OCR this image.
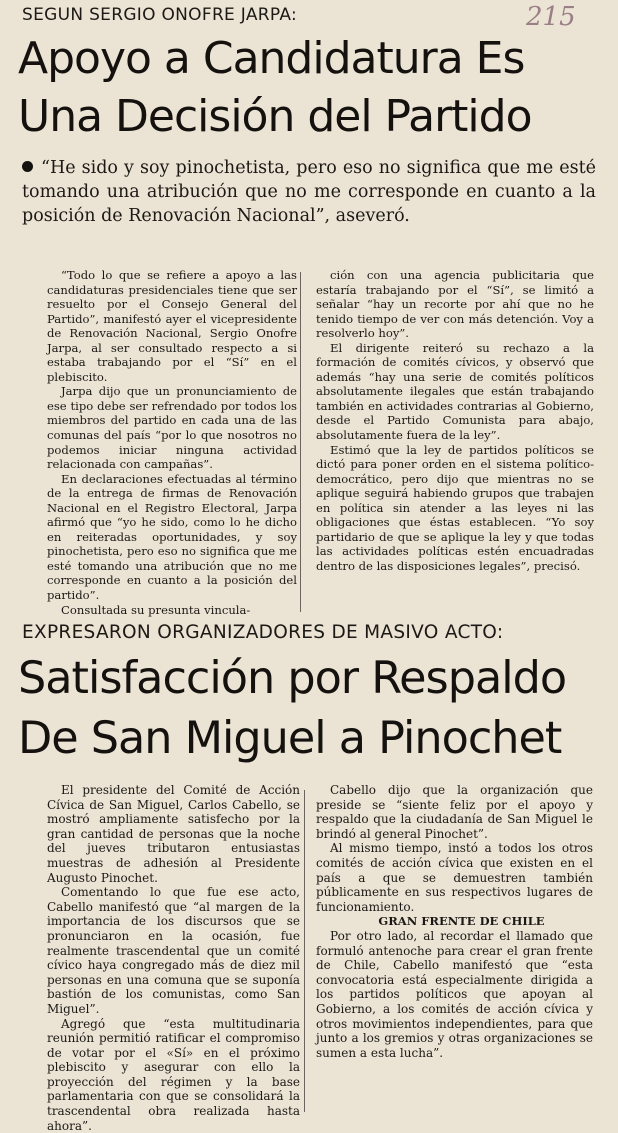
215
SEGUN SERGIO ONOFRE JARPA:
Apoyo a Candidatura Es
Una Decisión del Partido

“He sido y soy pinochetista, pero eso no significa que me esté tomando una atribución que no me corresponde en cuanto a la posición de Renovación Nacional”, aseveró.

“Todo lo que se refiere a apoyo a las candidaturas presidenciales tiene que ser resuelto por el Consejo General del Partido”, manifestó ayer el vicepresidente de Renovación Nacional, Sergio Onofre Jarpa, al ser consultado respecto a si estaba trabajando por el “Sí” en el plebiscito.

Jarpa dijo que un pronunciamiento de ese tipo debe ser refrendado por todos los miembros del partido en cada una de las comunas del país “por lo que nosotros no podemos iniciar ninguna actividad relacionada con campañas”.

En declaraciones efectuadas al término de la entrega de firmas de Renovación Nacional en el Registro Electoral, Jarpa afirmó que “yo he sido, como lo he dicho en reiteradas oportunidades, y soy pinochetista, pero eso no significa que me esté tomando una atribución que no me corresponde en cuanto a la posición del partido”.

Consultada su presunta vincula-

ción con una agencia publicitaria que estaría trabajando por el “Sí”, se limitó a señalar “hay un recorte por ahí que no he tenido tiempo de ver con más detención. Voy a resolverlo hoy”.

El dirigente reiteró su rechazo a la formación de comités cívicos, y observó que además “hay una serie de comités políticos absolutamente ilegales que están trabajando también en actividades contrarias al Gobierno, desde el Partido Comunista para abajo, absolutamente fuera de la ley”.

Estimó que la ley de partidos políticos se dictó para poner orden en el sistema político-democrático, pero dijo que mientras no se aplique seguirá habiendo grupos que trabajen en política sin atender a las leyes ni las obligaciones que éstas establecen. “Yo soy partidario de que se aplique la ley y que todas las actividades políticas estén encuadradas dentro de las disposiciones legales”, precisó.

EXPRESARON ORGANIZADORES DE MASIVO ACTO:
Satisfacción por Respaldo
De San Miguel a Pinochet

El presidente del Comité de Acción Cívica de San Miguel, Carlos Cabello, se mostró ampliamente satisfecho por la gran cantidad de personas que la noche del jueves tributaron entusiastas muestras de adhesión al Presidente Augusto Pinochet.

Comentando lo que fue ese acto, Cabello manifestó que “al margen de la importancia de los discursos que se pronunciaron en la ocasión, fue realmente trascendental que un comité cívico haya congregado más de diez mil personas en una comuna que se suponía bastión de los comunistas, como San Miguel”.

Agregó que “esta multitudinaria reunión permitió ratificar el compromiso de votar por el «Sí» en el próximo plebiscito y asegurar con ello la proyección del régimen y la base parlamentaria con que se consolidará la trascendental obra realizada hasta ahora”.

Cabello dijo que la organización que preside se “siente feliz por el apoyo y respaldo que la ciudadanía de San Miguel le brindó al general Pinochet”.

Al mismo tiempo, instó a todos los otros comités de acción cívica que existen en el país a que se demuestren también públicamente en sus respectivos lugares de funcionamiento.

GRAN FRENTE DE CHILE

Por otro lado, al recordar el llamado que formuló antenoche para crear el gran frente de Chile, Cabello manifestó que “esta convocatoria está especialmente dirigida a los partidos políticos que apoyan al Gobierno, a los comités de acción cívica y otros movimientos independientes, para que junto a los gremios y otras organizaciones se sumen a esta lucha”.
